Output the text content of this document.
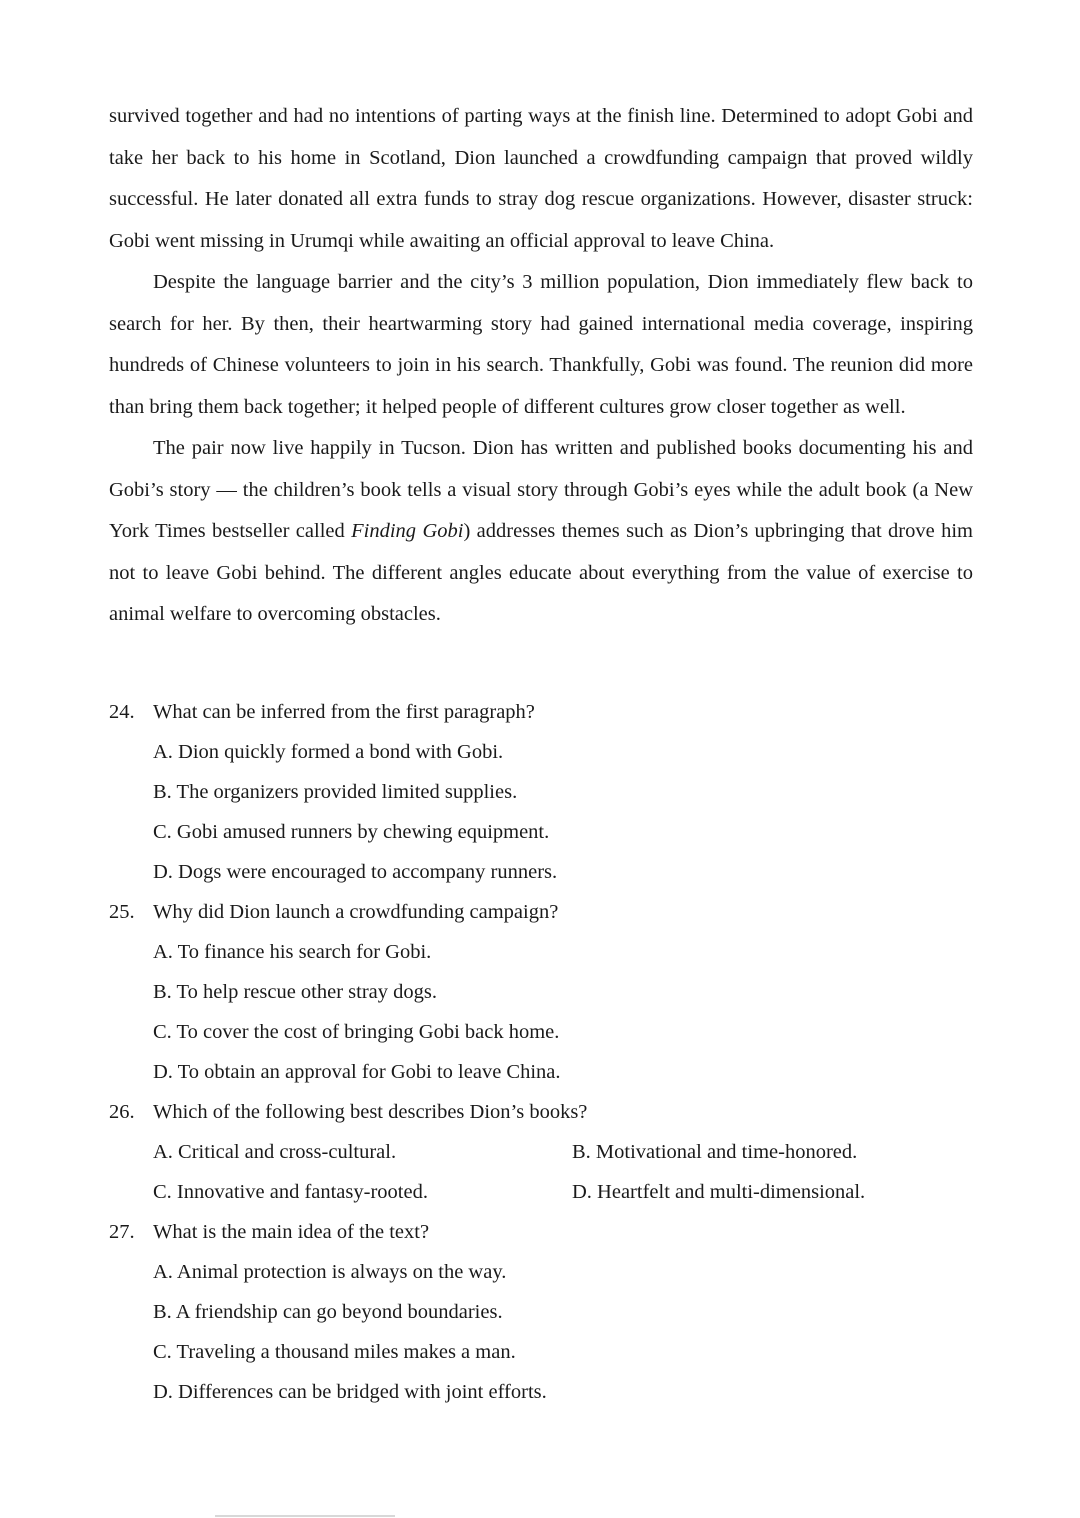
survived together and had no intentions of parting ways at the finish line. Determined to adopt Gobi and take her back to his home in Scotland, Dion launched a crowdfunding campaign that proved wildly successful. He later donated all extra funds to stray dog rescue organizations. However, disaster struck: Gobi went missing in Urumqi while awaiting an official approval to leave China.

Despite the language barrier and the city’s 3 million population, Dion immediately flew back to search for her. By then, their heartwarming story had gained international media coverage, inspiring hundreds of Chinese volunteers to join in his search. Thankfully, Gobi was found. The reunion did more than bring them back together; it helped people of different cultures grow closer together as well.

The pair now live happily in Tucson. Dion has written and published books documenting his and Gobi’s story — the children’s book tells a visual story through Gobi’s eyes while the adult book (a New York Times bestseller called Finding Gobi) addresses themes such as Dion’s upbringing that drove him not to leave Gobi behind. The different angles educate about everything from the value of exercise to animal welfare to overcoming obstacles.

24. What can be inferred from the first paragraph?
A. Dion quickly formed a bond with Gobi.
B. The organizers provided limited supplies.
C. Gobi amused runners by chewing equipment.
D. Dogs were encouraged to accompany runners.
25. Why did Dion launch a crowdfunding campaign?
A. To finance his search for Gobi.
B. To help rescue other stray dogs.
C. To cover the cost of bringing Gobi back home.
D. To obtain an approval for Gobi to leave China.
26. Which of the following best describes Dion’s books?
A. Critical and cross-cultural.	B. Motivational and time-honored.
C. Innovative and fantasy-rooted.	D. Heartfelt and multi-dimensional.
27. What is the main idea of the text?
A. Animal protection is always on the way.
B. A friendship can go beyond boundaries.
C. Traveling a thousand miles makes a man.
D. Differences can be bridged with joint efforts.
